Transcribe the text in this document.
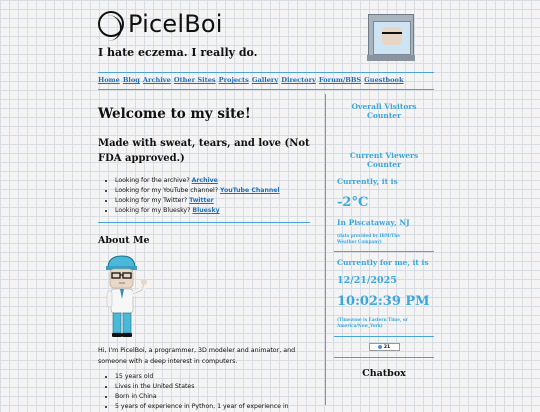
PicelBoi
I hate eczema. I really do.
Home Blog Archive Other Sites Projects Gallery Directory Forum/BBS Guestbook
Welcome to my site!
Made with sweat, tears, and love (Not FDA approved.)
• Looking for the archive? Archive
• Looking for my YouTube channel? YouTube Channel
• Looking for my Twitter? Twitter
• Looking for my Bluesky? Bluesky
About Me
Hi, I'm PicelBoi, a programmer, 3D modeler and animator, and someone with a deep interest in computers.
• 15 years old
• Lives in the United States
• Born in China
• 5 years of experience in Python, 1 year of experience in
Overall Visitors Counter
Current Viewers Counter
Currently, it is
-2°C
In Piscataway, NJ
(data provided by IBM/The Weather Company)
Currently for me, it is
12/21/2025
10:02:39 PM
(Timezone is Eastern Time, or America/New_York)
21
Chatbox
